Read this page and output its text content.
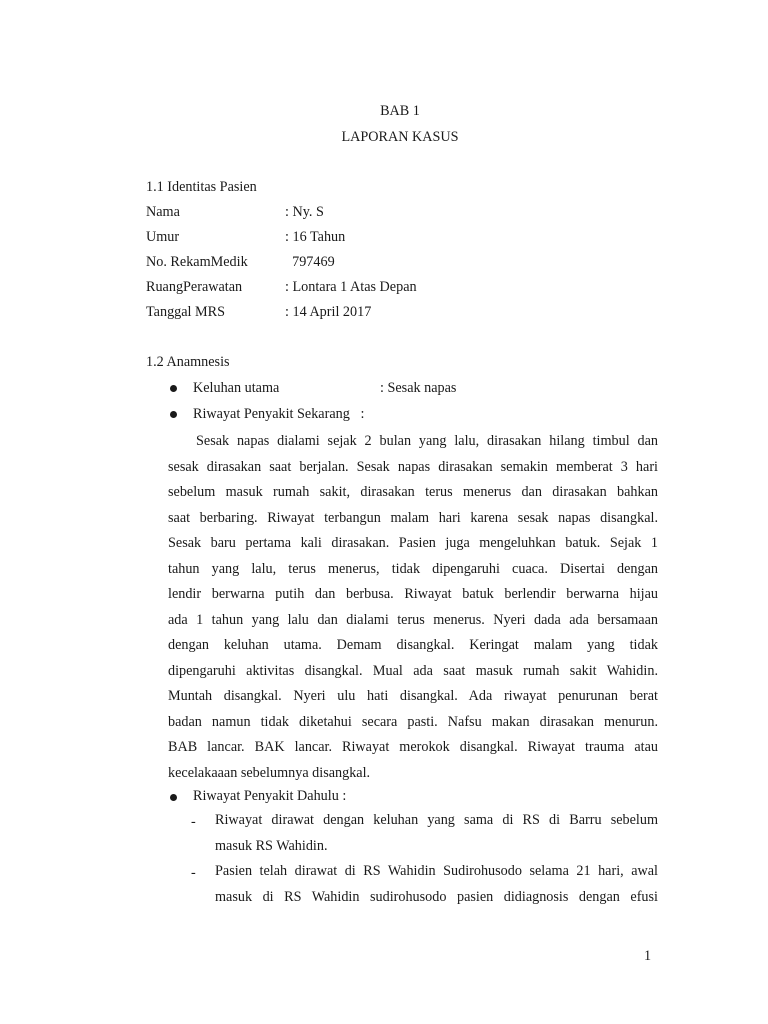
BAB 1
LAPORAN KASUS
1.1 Identitas Pasien
Nama	: Ny. S
Umur	: 16 Tahun
No. RekamMedik	797469
RuangPerawatan	: Lontara 1 Atas Depan
Tanggal MRS	: 14 April 2017
1.2 Anamnesis
Keluhan utama	: Sesak napas
Riwayat Penyakit Sekarang   :
Sesak napas dialami sejak 2 bulan yang lalu, dirasakan hilang timbul dan
sesak dirasakan saat berjalan. Sesak napas dirasakan semakin memberat 3 hari
sebelum masuk rumah sakit, dirasakan terus menerus dan dirasakan bahkan
saat berbaring. Riwayat terbangun malam hari karena sesak napas disangkal.
Sesak baru pertama kali dirasakan. Pasien juga mengeluhkan batuk. Sejak 1
tahun yang lalu, terus menerus, tidak dipengaruhi cuaca. Disertai dengan
lendir berwarna putih dan berbusa. Riwayat batuk berlendir berwarna hijau
ada 1 tahun yang lalu dan dialami terus menerus. Nyeri dada ada bersamaan
dengan keluhan utama. Demam disangkal. Keringat malam yang tidak
dipengaruhi aktivitas disangkal. Mual ada saat masuk rumah sakit Wahidin.
Muntah disangkal. Nyeri ulu hati disangkal. Ada riwayat penurunan berat
badan namun tidak diketahui secara pasti. Nafsu makan dirasakan menurun.
BAB lancar. BAK lancar. Riwayat merokok disangkal. Riwayat trauma atau
kecelakaaan sebelumnya disangkal.
Riwayat Penyakit Dahulu :
- Riwayat dirawat dengan keluhan yang sama di RS di Barru sebelum
masuk RS Wahidin.
- Pasien telah dirawat di RS Wahidin Sudirohusodo selama 21 hari, awal
masuk di RS Wahidin sudirohusodo pasien didiagnosis dengan efusi
1
